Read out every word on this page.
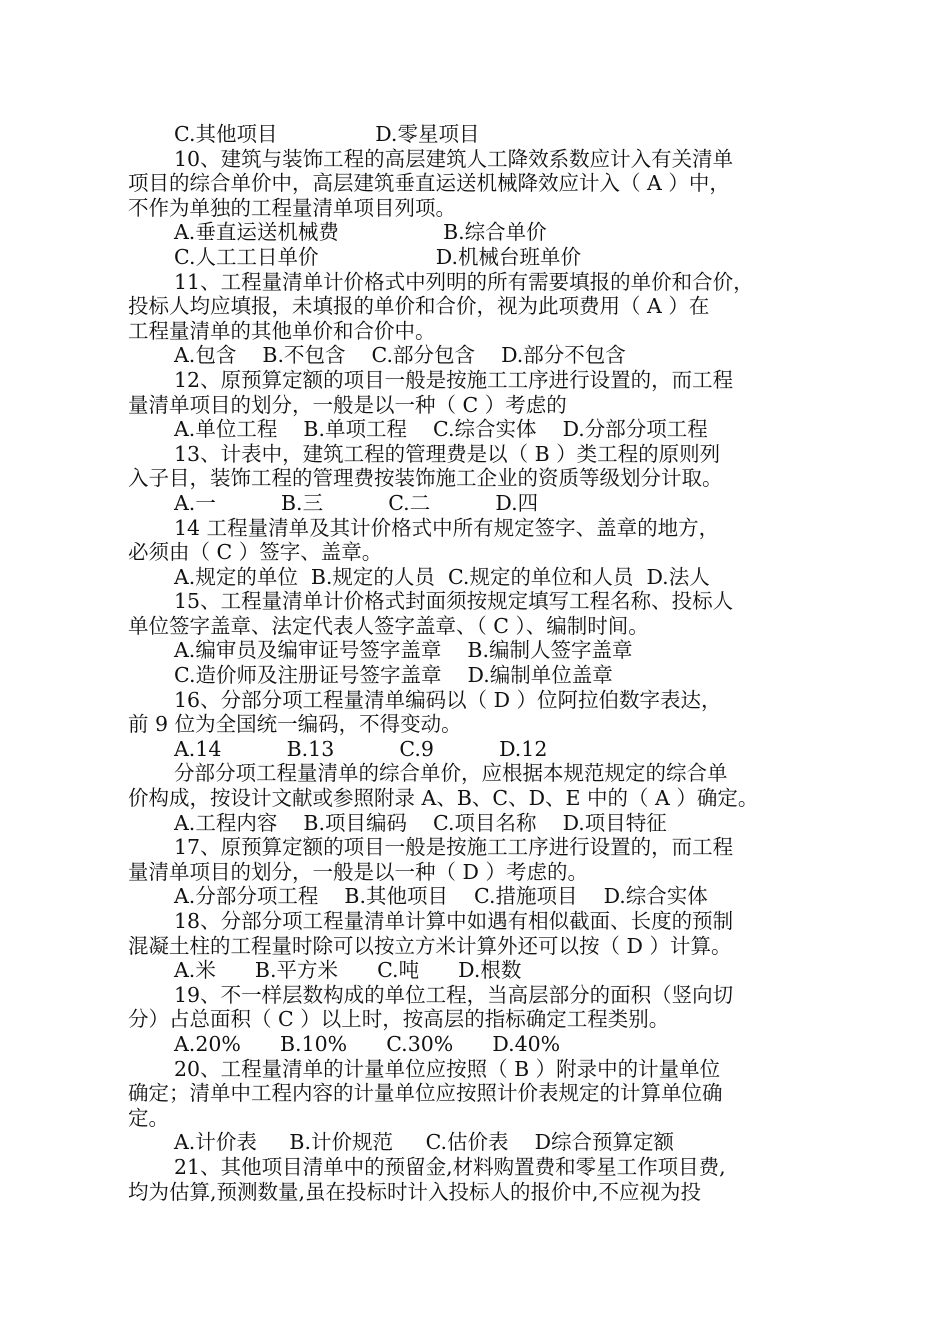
C.其他项目               D.零星项目
10、建筑与装饰工程的高层建筑人工降效系数应计入有关清单
项目的综合单价中，高层建筑垂直运送机械降效应计入（ A ）中，
不作为单独的工程量清单项目列项。
A.垂直运送机械费                B.综合单价
C.人工工日单价                  D.机械台班单价
11、工程量清单计价格式中列明的所有需要填报的单价和合价，
投标人均应填报，未填报的单价和合价，视为此项费用（ A ）在
工程量清单的其他单价和合价中。
A.包含    B.不包含    C.部分包含    D.部分不包含
12、原预算定额的项目一般是按施工工序进行设置的，而工程
量清单项目的划分，一般是以一种（ C ）考虑的
A.单位工程    B.单项工程    C.综合实体    D.分部分项工程
13、计表中，建筑工程的管理费是以（ B ）类工程的原则列
入子目，装饰工程的管理费按装饰施工企业的资质等级划分计取。
A.一          B.三          C.二          D.四
14 工程量清单及其计价格式中所有规定签字、盖章的地方，
必须由（ C ）签字、盖章。
A.规定的单位  B.规定的人员  C.规定的单位和人员  D.法人
15、工程量清单计价格式封面须按规定填写工程名称、投标人
单位签字盖章、法定代表人签字盖章、（ C ）、编制时间。
A.编审员及编审证号签字盖章    B.编制人签字盖章
C.造价师及注册证号签字盖章    D.编制单位盖章
16、分部分项工程量清单编码以（ D ）位阿拉伯数字表达，
前 9 位为全国统一编码，不得变动。
A.14          B.13          C.9          D.12
分部分项工程量清单的综合单价，应根据本规范规定的综合单
价构成，按设计文献或参照附录 A、B、C、D、E 中的（ A ）确定。
A.工程内容    B.项目编码    C.项目名称    D.项目特征
17、原预算定额的项目一般是按施工工序进行设置的，而工程
量清单项目的划分，一般是以一种（ D ）考虑的。
A.分部分项工程    B.其他项目    C.措施项目    D.综合实体
18、分部分项工程量清单计算中如遇有相似截面、长度的预制
混凝土柱的工程量时除可以按立方米计算外还可以按（ D ）计算。
A.米      B.平方米      C.吨      D.根数
19、不一样层数构成的单位工程，当高层部分的面积（竖向切
分）占总面积（ C ）以上时，按高层的指标确定工程类别。
A.20%      B.10%      C.30%      D.40%
20、工程量清单的计量单位应按照（ B ）附录中的计量单位
确定；清单中工程内容的计量单位应按照计价表规定的计算单位确
定。
A.计价表     B.计价规范     C.估价表    D综合预算定额
21、其他项目清单中的预留金,材料购置费和零星工作项目费,
均为估算,预测数量,虽在投标时计入投标人的报价中,不应视为投
